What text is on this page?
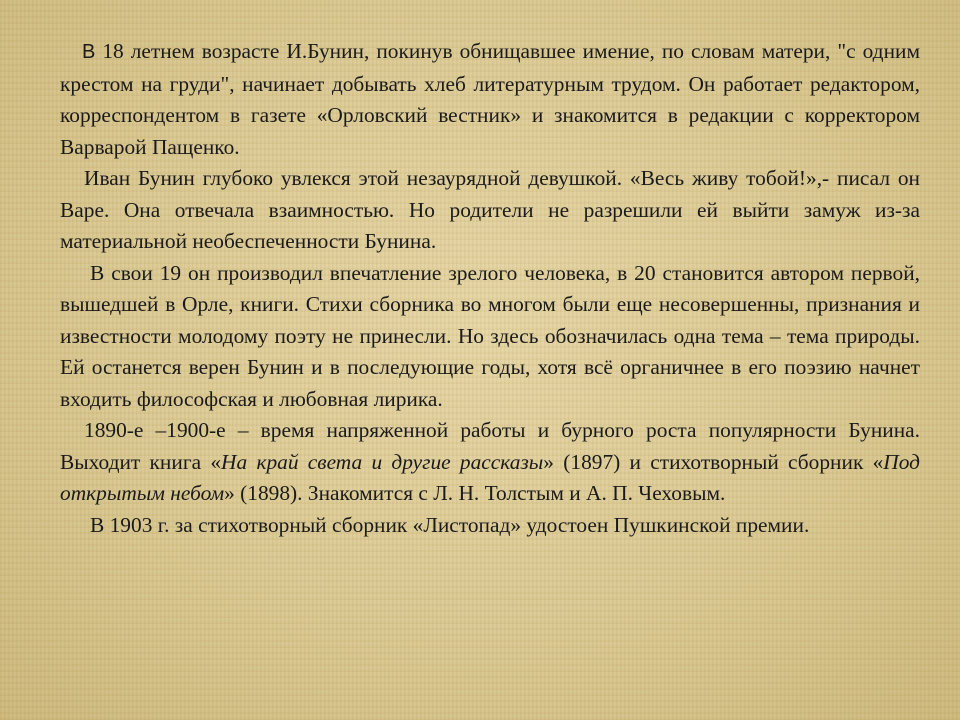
В 18 летнем возрасте И.Бунин, покинув обнищавшее имение, по словам матери, "с одним крестом на груди", начинает добывать хлеб литературным трудом. Он работает редактором, корреспондентом в газете «Орловский вестник» и знакомится в редакции с корректором Варварой Пащенко.

Иван Бунин глубоко увлекся этой незаурядной девушкой. «Весь живу тобой!»,- писал он Варе. Она отвечала взаимностью. Но родители не разрешили ей выйти замуж из-за материальной необеспеченности Бунина.

В свои 19 он производил впечатление зрелого человека, в 20 становится автором первой, вышедшей в Орле, книги. Стихи сборника во многом были еще несовершенны, признания и известности молодому поэту не принесли. Но здесь обозначилась одна тема – тема природы. Ей останется верен Бунин и в последующие годы, хотя всё органичнее в его поэзию начнет входить философская и любовная лирика.

1890-е –1900-е – время напряженной работы и бурного роста популярности Бунина. Выходит книга «На край света и другие рассказы» (1897) и стихотворный сборник «Под открытым небом» (1898). Знакомится с Л. Н. Толстым и А. П. Чеховым.

В 1903 г. за стихотворный сборник «Листопад» удостоен Пушкинской премии.
